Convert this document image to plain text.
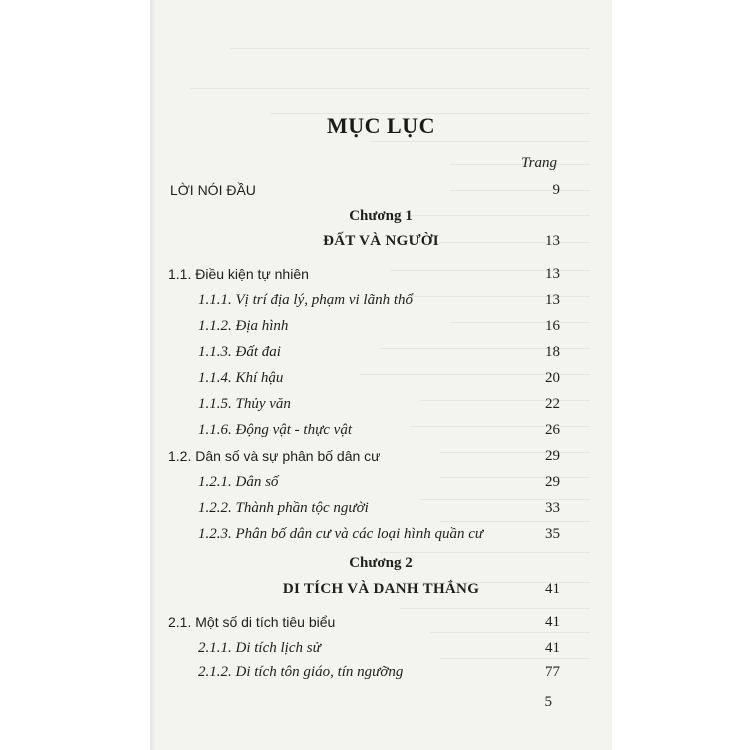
MỤC LỤC
Trang
LỜI NÓI ĐẦU	9
Chương 1
ĐẤT VÀ NGƯỜI	13
1.1. Điều kiện tự nhiên	13
1.1.1. Vị trí địa lý, phạm vi lãnh thổ	13
1.1.2. Địa hình	16
1.1.3. Đất đai	18
1.1.4. Khí hậu	20
1.1.5. Thủy văn	22
1.1.6. Động vật - thực vật	26
1.2. Dân số và sự phân bố dân cư	29
1.2.1. Dân số	29
1.2.2. Thành phần tộc người	33
1.2.3. Phân bố dân cư và các loại hình quần cư	35
Chương 2
DI TÍCH VÀ DANH THẮNG	41
2.1. Một số di tích tiêu biểu	41
2.1.1. Di tích lịch sử	41
2.1.2. Di tích tôn giáo, tín ngưỡng	77
5
